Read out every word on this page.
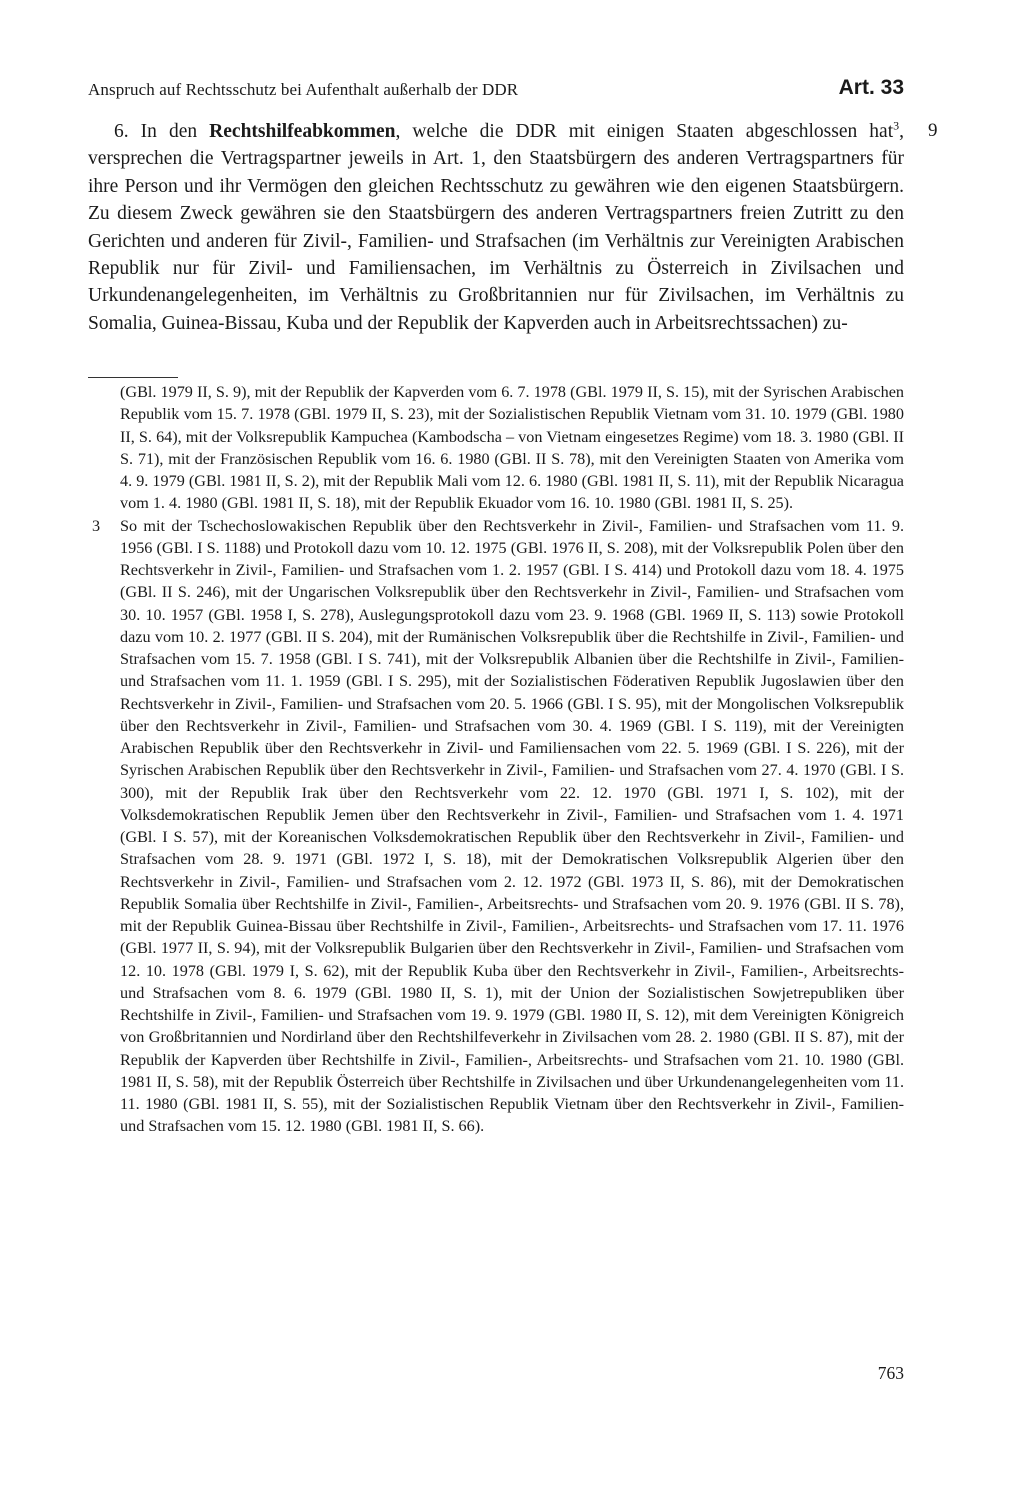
Anspruch auf Rechtsschutz bei Aufenthalt außerhalb der DDR	Art. 33
9

6. In den Rechtshilfeabkommen, welche die DDR mit einigen Staaten abgeschlossen hat$^3$, versprechen die Vertragspartner jeweils in Art. 1, den Staatsbürgern des anderen Vertragspartners für ihre Person und ihr Vermögen den gleichen Rechtsschutz zu gewähren wie den eigenen Staatsbürgern. Zu diesem Zweck gewähren sie den Staatsbürgern des anderen Vertragspartners freien Zutritt zu den Gerichten und anderen für Zivil-, Familien- und Strafsachen (im Verhältnis zur Vereinigten Arabischen Republik nur für Zivil- und Familiensachen, im Verhältnis zu Österreich in Zivilsachen und Urkundenangelegenheiten, im Verhältnis zu Großbritannien nur für Zivilsachen, im Verhältnis zu Somalia, Guinea-Bissau, Kuba und der Republik der Kapverden auch in Arbeitsrechtssachen) zu-

(GBl. 1979 II, S. 9), mit der Republik der Kapverden vom 6. 7. 1978 (GBl. 1979 II, S. 15), mit der Syrischen Arabischen Republik vom 15. 7. 1978 (GBl. 1979 II, S. 23), mit der Sozialistischen Republik Vietnam vom 31. 10. 1979 (GBl. 1980 II, S. 64), mit der Volksrepublik Kampuchea (Kambodscha – von Vietnam eingesetzes Regime) vom 18. 3. 1980 (GBl. II S. 71), mit der Französischen Republik vom 16. 6. 1980 (GBl. II S. 78), mit den Vereinigten Staaten von Amerika vom 4. 9. 1979 (GBl. 1981 II, S. 2), mit der Republik Mali vom 12. 6. 1980 (GBl. 1981 II, S. 11), mit der Republik Nicaragua vom 1. 4. 1980 (GBl. 1981 II, S. 18), mit der Republik Ekuador vom 16. 10. 1980 (GBl. 1981 II, S. 25).

3 So mit der Tschechoslowakischen Republik über den Rechtsverkehr in Zivil-, Familien- und Strafsachen vom 11. 9. 1956 (GBl. I S. 1188) und Protokoll dazu vom 10. 12. 1975 (GBl. 1976 II, S. 208), mit der Volksrepublik Polen über den Rechtsverkehr in Zivil-, Familien- und Strafsachen vom 1. 2. 1957 (GBl. I S. 414) und Protokoll dazu vom 18. 4. 1975 (GBl. II S. 246), mit der Ungarischen Volksrepublik über den Rechtsverkehr in Zivil-, Familien- und Strafsachen vom 30. 10. 1957 (GBl. 1958 I, S. 278), Auslegungsprotokoll dazu vom 23. 9. 1968 (GBl. 1969 II, S. 113) sowie Protokoll dazu vom 10. 2. 1977 (GBl. II S. 204), mit der Rumänischen Volksrepublik über die Rechtshilfe in Zivil-, Familien- und Strafsachen vom 15. 7. 1958 (GBl. I S. 741), mit der Volksrepublik Albanien über die Rechtshilfe in Zivil-, Familien- und Strafsachen vom 11. 1. 1959 (GBl. I S. 295), mit der Sozialistischen Föderativen Republik Jugoslawien über den Rechtsverkehr in Zivil-, Familien- und Strafsachen vom 20. 5. 1966 (GBl. I S. 95), mit der Mongolischen Volksrepublik über den Rechtsverkehr in Zivil-, Familien- und Strafsachen vom 30. 4. 1969 (GBl. I S. 119), mit der Vereinigten Arabischen Republik über den Rechtsverkehr in Zivil- und Familiensachen vom 22. 5. 1969 (GBl. I S. 226), mit der Syrischen Arabischen Republik über den Rechtsverkehr in Zivil-, Familien- und Strafsachen vom 27. 4. 1970 (GBl. I S. 300), mit der Republik Irak über den Rechtsverkehr vom 22. 12. 1970 (GBl. 1971 I, S. 102), mit der Volksdemokratischen Republik Jemen über den Rechtsverkehr in Zivil-, Familien- und Strafsachen vom 1. 4. 1971 (GBl. I S. 57), mit der Koreanischen Volksdemokratischen Republik über den Rechtsverkehr in Zivil-, Familien- und Strafsachen vom 28. 9. 1971 (GBl. 1972 I, S. 18), mit der Demokratischen Volksrepublik Algerien über den Rechtsverkehr in Zivil-, Familien- und Strafsachen vom 2. 12. 1972 (GBl. 1973 II, S. 86), mit der Demokratischen Republik Somalia über Rechtshilfe in Zivil-, Familien-, Arbeitsrechts- und Strafsachen vom 20. 9. 1976 (GBl. II S. 78), mit der Republik Guinea-Bissau über Rechtshilfe in Zivil-, Familien-, Arbeitsrechts- und Strafsachen vom 17. 11. 1976 (GBl. 1977 II, S. 94), mit der Volksrepublik Bulgarien über den Rechtsverkehr in Zivil-, Familien- und Strafsachen vom 12. 10. 1978 (GBl. 1979 I, S. 62), mit der Republik Kuba über den Rechtsverkehr in Zivil-, Familien-, Arbeitsrechts- und Strafsachen vom 8. 6. 1979 (GBl. 1980 II, S. 1), mit der Union der Sozialistischen Sowjetrepubliken über Rechtshilfe in Zivil-, Familien- und Strafsachen vom 19. 9. 1979 (GBl. 1980 II, S. 12), mit dem Vereinigten Königreich von Großbritannien und Nordirland über den Rechtshilfeverkehr in Zivilsachen vom 28. 2. 1980 (GBl. II S. 87), mit der Republik der Kapverden über Rechtshilfe in Zivil-, Familien-, Arbeitsrechts- und Strafsachen vom 21. 10. 1980 (GBl. 1981 II, S. 58), mit der Republik Österreich über Rechtshilfe in Zivilsachen und über Urkundenangelegenheiten vom 11. 11. 1980 (GBl. 1981 II, S. 55), mit der Sozialistischen Republik Vietnam über den Rechtsverkehr in Zivil-, Familien- und Strafsachen vom 15. 12. 1980 (GBl. 1981 II, S. 66).

763
